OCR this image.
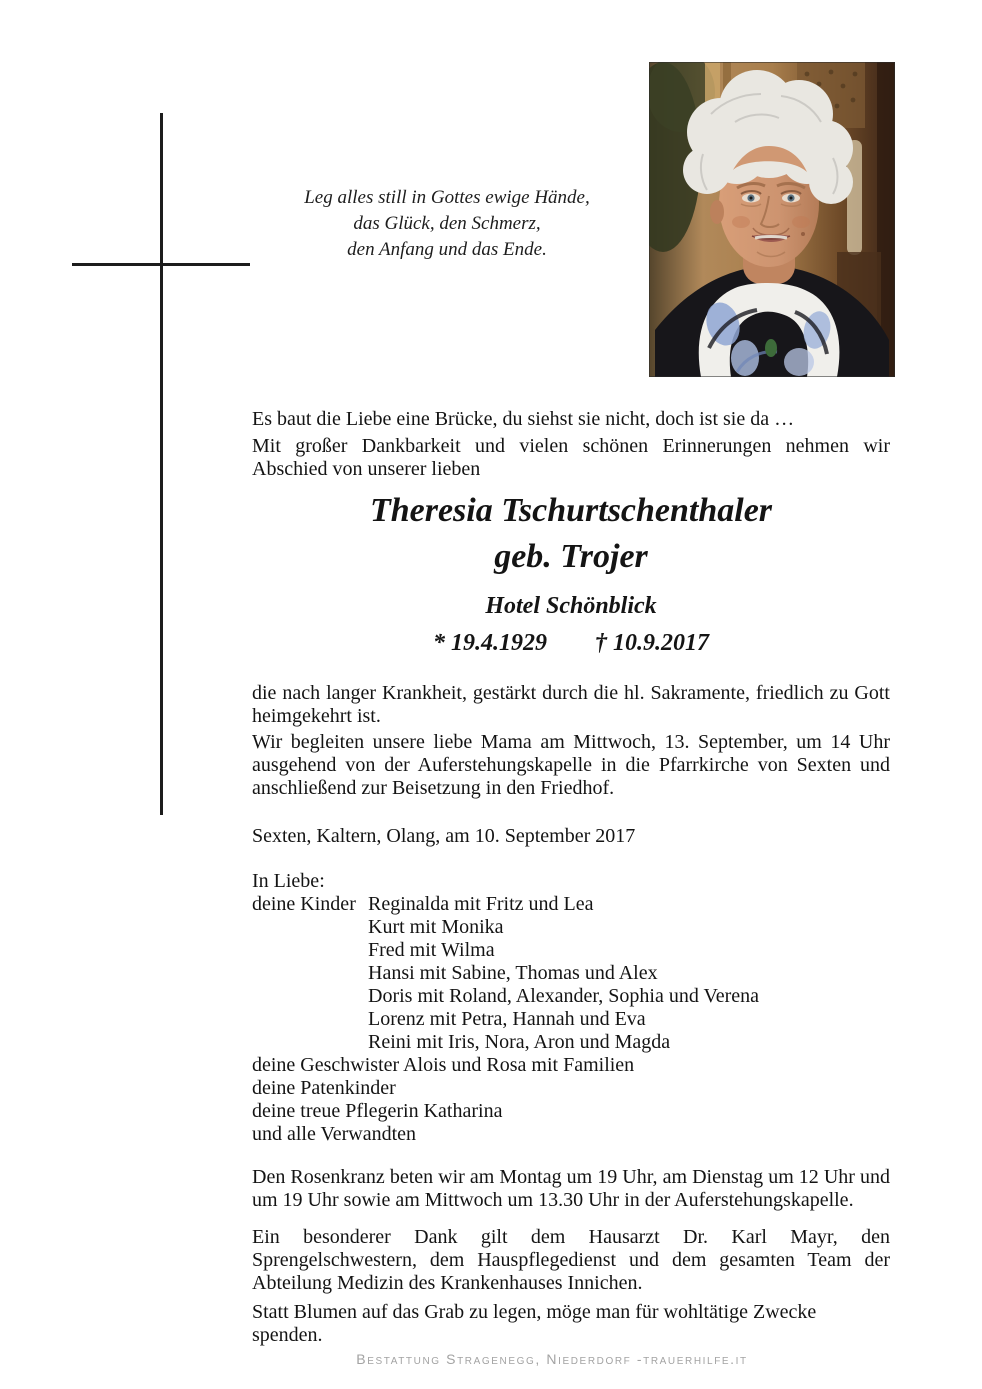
Leg alles still in Gottes ewige Hände,
das Glück, den Schmerz,
den Anfang und das Ende.
Es baut die Liebe eine Brücke, du siehst sie nicht, doch ist sie da …
Mit großer Dankbarkeit und vielen schönen Erinnerungen nehmen wir Abschied von unserer lieben
Theresia Tschurtschenthaler
geb. Trojer
Hotel Schönblick
* 19.4.1929 † 10.9.2017
die nach langer Krankheit, gestärkt durch die hl. Sakramente, friedlich zu Gott heimgekehrt ist.
Wir begleiten unsere liebe Mama am Mittwoch, 13. September, um 14 Uhr ausgehend von der Auferstehungskapelle in die Pfarrkirche von Sexten und anschließend zur Beisetzung in den Friedhof.
Sexten, Kaltern, Olang, am 10. September 2017
In Liebe:
deine Kinder Reginalda mit Fritz und Lea
Kurt mit Monika
Fred mit Wilma
Hansi mit Sabine, Thomas und Alex
Doris mit Roland, Alexander, Sophia und Verena
Lorenz mit Petra, Hannah und Eva
Reini mit Iris, Nora, Aron und Magda
deine Geschwister Alois und Rosa mit Familien
deine Patenkinder
deine treue Pflegerin Katharina
und alle Verwandten
Den Rosenkranz beten wir am Montag um 19 Uhr, am Dienstag um 12 Uhr und um 19 Uhr sowie am Mittwoch um 13.30 Uhr in der Auferstehungskapelle.
Ein besonderer Dank gilt dem Hausarzt Dr. Karl Mayr, den Sprengelschwestern, dem Hauspflegedienst und dem gesamten Team der Abteilung Medizin des Krankenhauses Innichen.
Statt Blumen auf das Grab zu legen, möge man für wohltätige Zwecke spenden.
Bestattung Stragenegg, Niederdorf -trauerhilfe.it
